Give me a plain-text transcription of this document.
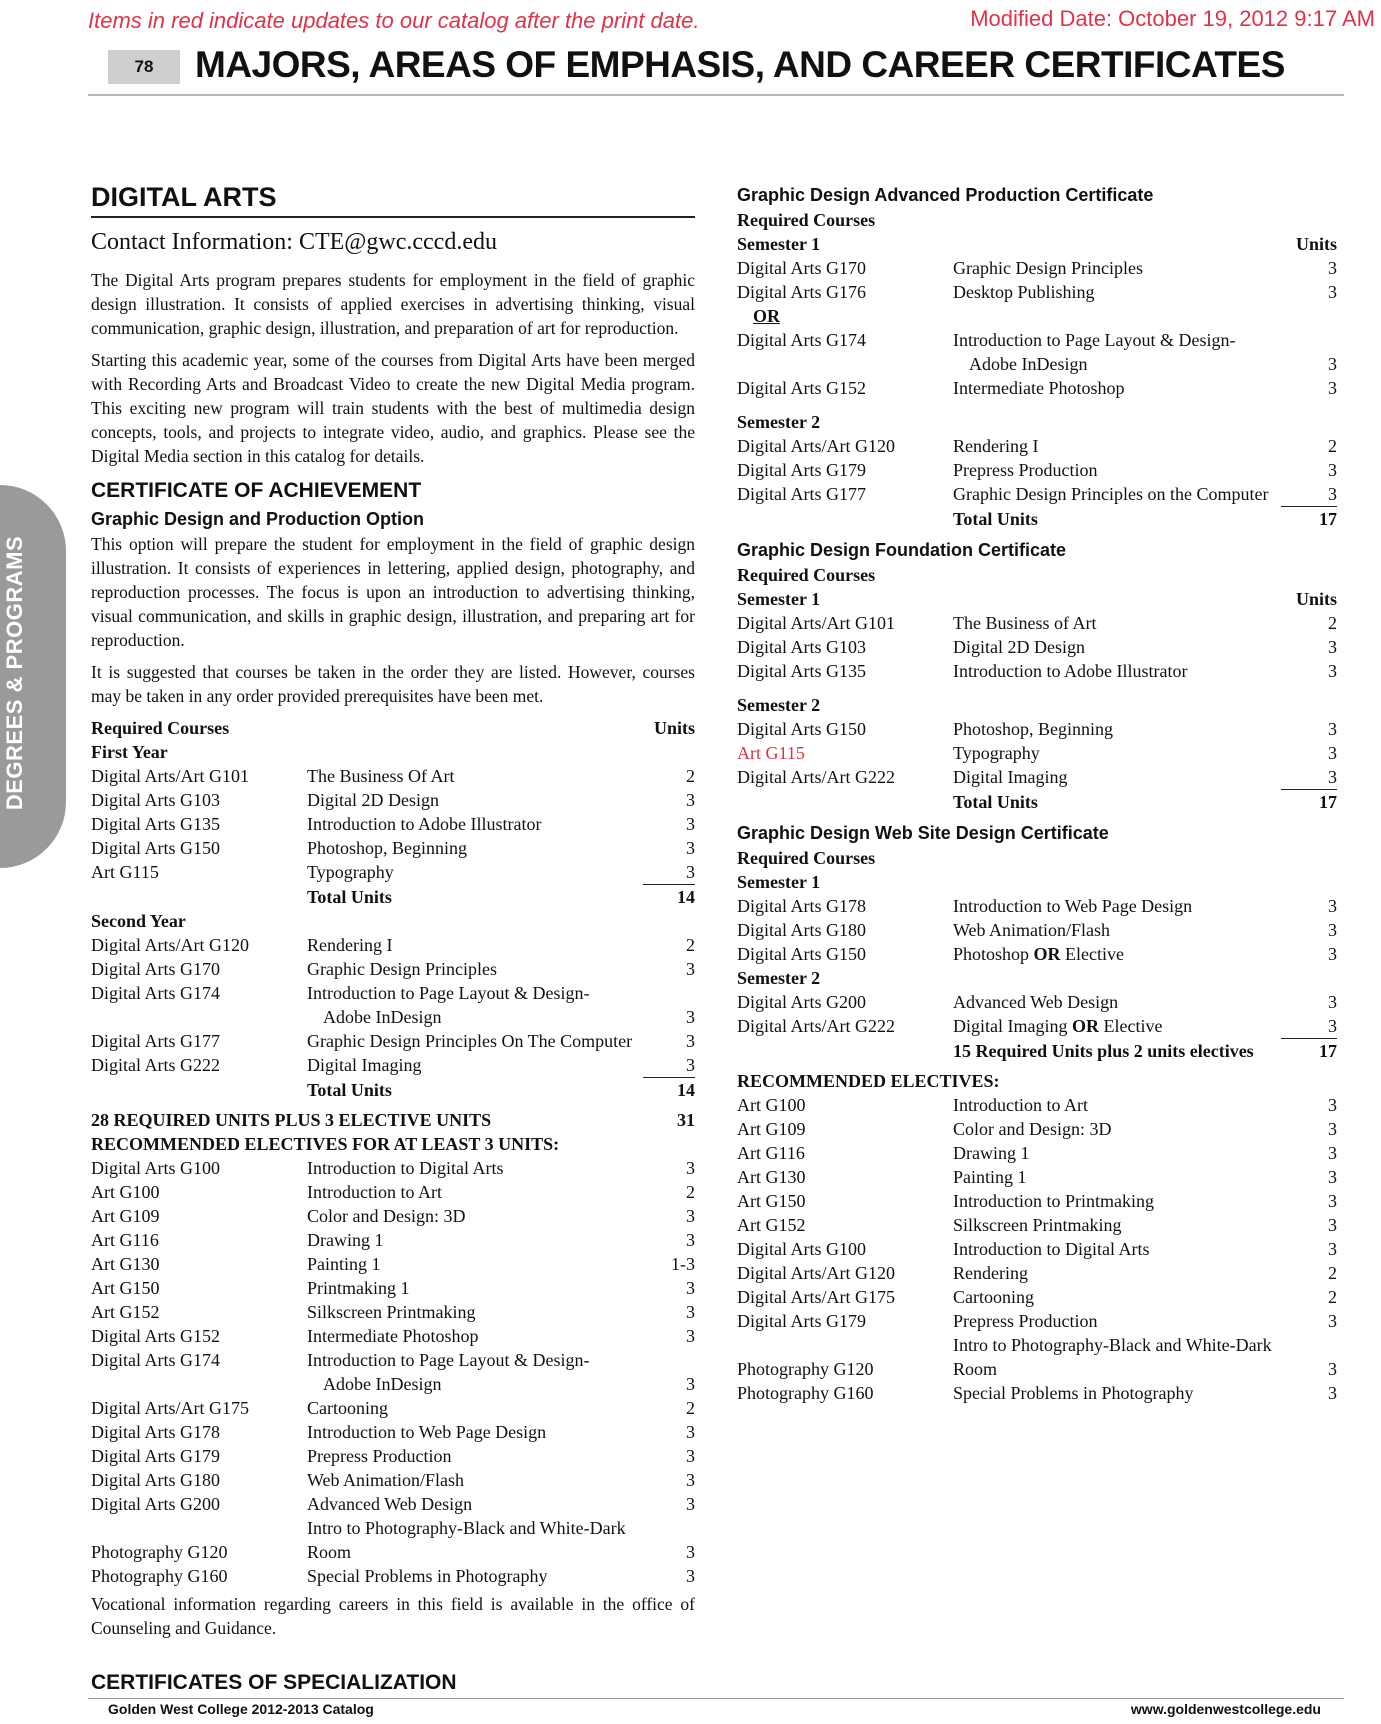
Items in red indicate updates to our catalog after the print date.	Modified Date: October 19, 2012 9:17 AM
78	MAJORS, AREAS OF EMPHASIS, AND CAREER CERTIFICATES
DEGREES & PROGRAMS
DIGITAL ARTS
Contact Information: CTE@gwc.cccd.edu

The Digital Arts program prepares students for employment in the field of graphic design illustration. It consists of applied exercises in advertising thinking, visual communication, graphic design, illustration, and preparation of art for reproduction.

Starting this academic year, some of the courses from Digital Arts have been merged with Recording Arts and Broadcast Video to create the new Digital Media program. This exciting new program will train students with the best of multimedia design concepts, tools, and projects to integrate video, audio, and graphics. Please see the Digital Media section in this catalog for details.

CERTIFICATE OF ACHIEVEMENT
Graphic Design and Production Option

This option will prepare the student for employment in the field of graphic design illustration. It consists of experiences in lettering, applied design, photography, and reproduction processes. The focus is upon an introduction to advertising thinking, visual communication, and skills in graphic design, illustration, and preparing art for reproduction.

It is suggested that courses be taken in the order they are listed. However, courses may be taken in any order provided prerequisites have been met.

Required Courses	Units
First Year
Digital Arts/Art G101	The Business Of Art	2
Digital Arts G103	Digital 2D Design	3
Digital Arts G135	Introduction to Adobe Illustrator	3
Digital Arts G150	Photoshop, Beginning	3
Art G115	Typography	3
Total Units	14
Second Year
Digital Arts/Art G120	Rendering I	2
Digital Arts G170	Graphic Design Principles	3
Digital Arts G174	Introduction to Page Layout & Design-
Adobe InDesign	3
Digital Arts G177	Graphic Design Principles On The Computer	3
Digital Arts G222	Digital Imaging	3
Total Units	14
28 REQUIRED UNITS PLUS 3 ELECTIVE UNITS	31
RECOMMENDED ELECTIVES FOR AT LEAST 3 UNITS:
Digital Arts G100	Introduction to Digital Arts	3
Art G100	Introduction to Art	2
Art G109	Color and Design: 3D	3
Art G116	Drawing 1	3
Art G130	Painting 1	1-3
Art G150	Printmaking 1	3
Art G152	Silkscreen Printmaking	3
Digital Arts G152	Intermediate Photoshop	3
Digital Arts G174	Introduction to Page Layout & Design-
Adobe InDesign	3
Digital Arts/Art G175	Cartooning	2
Digital Arts G178	Introduction to Web Page Design	3
Digital Arts G179	Prepress Production	3
Digital Arts G180	Web Animation/Flash	3
Digital Arts G200	Advanced Web Design	3
Photography G120
Intro to Photography-Black and White-Dark Room	3
Photography G160	Special Problems in Photography	3

Vocational information regarding careers in this field is available in the office of Counseling and Guidance.

CERTIFICATES OF SPECIALIZATION
Graphic Design Advanced Production Certificate
Required Courses
Semester 1	Units
Digital Arts G170	Graphic Design Principles	3
Digital Arts G176	Desktop Publishing	3
OR
Digital Arts G174	Introduction to Page Layout & Design-
Adobe InDesign	3
Digital Arts G152	Intermediate Photoshop	3
Semester 2
Digital Arts/Art G120	Rendering I	2
Digital Arts G179	Prepress Production	3
Digital Arts G177	Graphic Design Principles on the Computer	3
Total Units	17
Graphic Design Foundation Certificate
Required Courses
Semester 1	Units
Digital Arts/Art G101	The Business of Art	2
Digital Arts G103	Digital 2D Design	3
Digital Arts G135	Introduction to Adobe Illustrator	3
Semester 2
Digital Arts G150	Photoshop, Beginning	3
Art G115	Typography	3
Digital Arts/Art G222	Digital Imaging	3
Total Units	17
Graphic Design Web Site Design Certificate
Required Courses
Semester 1
Digital Arts G178	Introduction to Web Page Design	3
Digital Arts G180	Web Animation/Flash	3
Digital Arts G150	Photoshop OR Elective	3
Semester 2
Digital Arts G200	Advanced Web Design	3
Digital Arts/Art G222	Digital Imaging OR Elective	3
15 Required Units plus 2 units electives	17
RECOMMENDED ELECTIVES:
Art G100	Introduction to Art	3
Art G109	Color and Design: 3D	3
Art G116	Drawing 1	3
Art G130	Painting 1	3
Art G150	Introduction to Printmaking	3
Art G152	Silkscreen Printmaking	3
Digital Arts G100	Introduction to Digital Arts	3
Digital Arts/Art G120	Rendering	2
Digital Arts/Art G175	Cartooning	2
Digital Arts G179	Prepress Production	3
Photography G120
Intro to Photography-Black and White-Dark Room	3
Photography G160	Special Problems in Photography	3
Golden West College 2012-2013 Catalog	www.goldenwestcollege.edu
